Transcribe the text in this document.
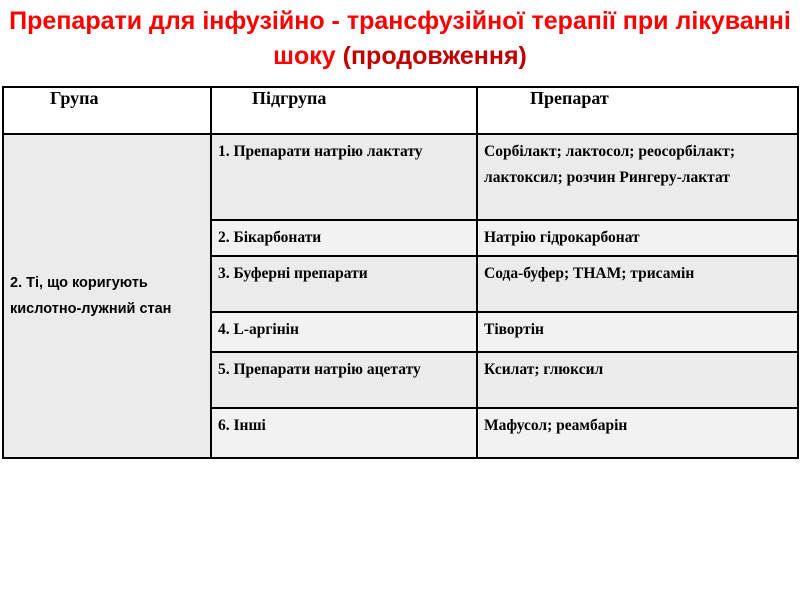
Препарати для інфузійно - трансфузійної терапії при лікуванні шоку (продовження)
Група	Підгрупа	Препарат

2. Ті, що коригують кислотно-лужний стан	1. Препарати натрію лактату	Сорбілакт; лактосол; реосорбілакт; лактоксил; розчин Рингеру-лактат

	2. Бікарбонати	Натрію гідрокарбонат

	3. Буферні препарати	Сода-буфер; ТНАМ; трисамін

	4. L-аргінін	Тівортін

	5. Препарати натрію ацетату	Ксилат; глюксил

	6. Інші	Мафусол; реамбарін
